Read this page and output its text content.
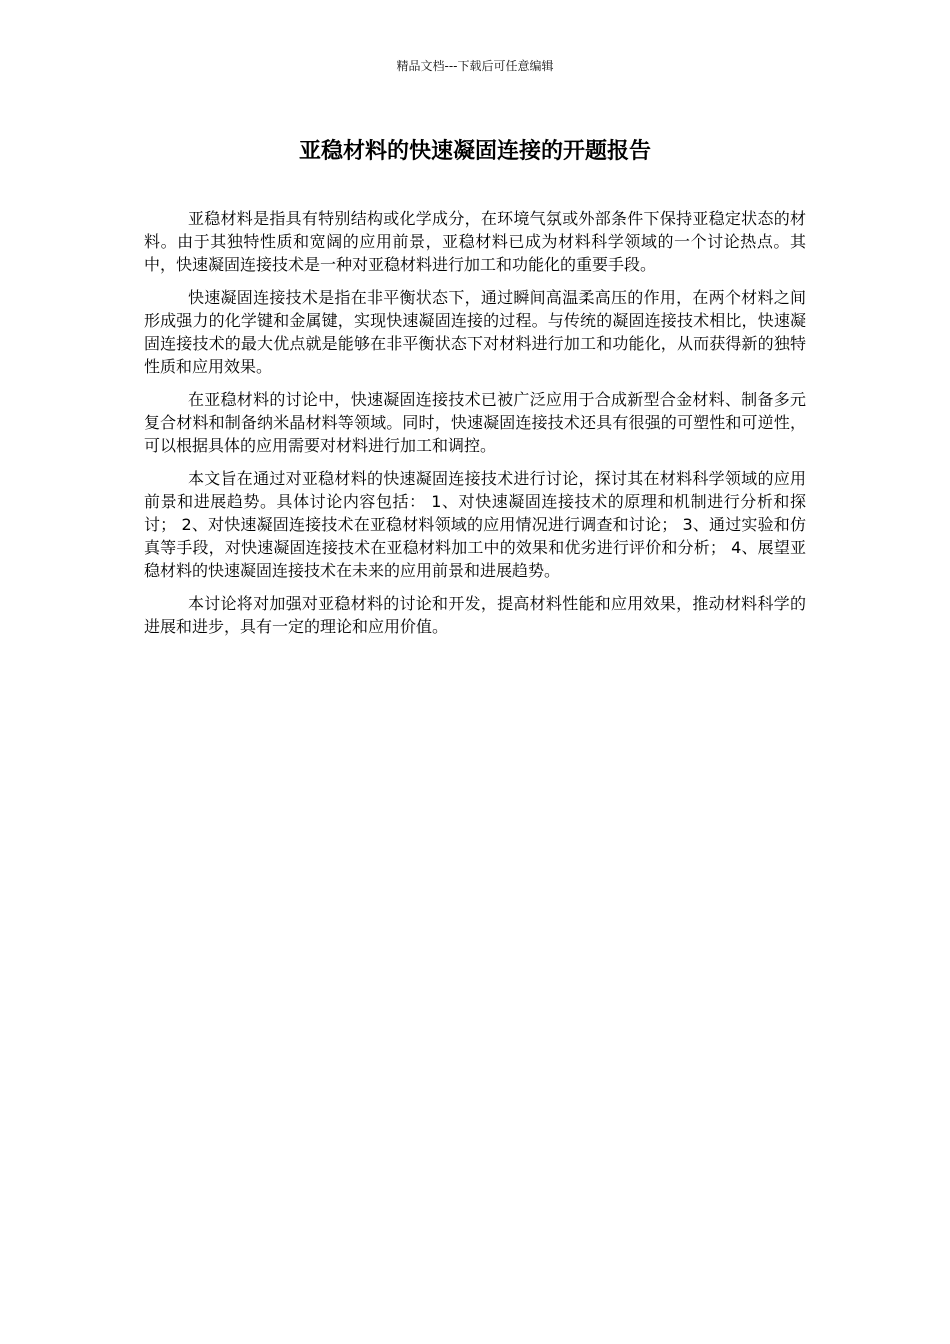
精品文档---下载后可任意编辑
亚稳材料的快速凝固连接的开题报告

亚稳材料是指具有特别结构或化学成分，在环境气氛或外部条件下保持亚稳定状态的材料。由于其独特性质和宽阔的应用前景，亚稳材料已成为材料科学领域的一个讨论热点。其中，快速凝固连接技术是一种对亚稳材料进行加工和功能化的重要手段。

快速凝固连接技术是指在非平衡状态下，通过瞬间高温柔高压的作用，在两个材料之间形成强力的化学键和金属键，实现快速凝固连接的过程。与传统的凝固连接技术相比，快速凝固连接技术的最大优点就是能够在非平衡状态下对材料进行加工和功能化，从而获得新的独特性质和应用效果。

在亚稳材料的讨论中，快速凝固连接技术已被广泛应用于合成新型合金材料、制备多元复合材料和制备纳米晶材料等领域。同时，快速凝固连接技术还具有很强的可塑性和可逆性，可以根据具体的应用需要对材料进行加工和调控。

本文旨在通过对亚稳材料的快速凝固连接技术进行讨论，探讨其在材料科学领域的应用前景和进展趋势。具体讨论内容包括： 1、对快速凝固连接技术的原理和机制进行分析和探讨； 2、对快速凝固连接技术在亚稳材料领域的应用情况进行调查和讨论； 3、通过实验和仿真等手段，对快速凝固连接技术在亚稳材料加工中的效果和优劣进行评价和分析； 4、展望亚稳材料的快速凝固连接技术在未来的应用前景和进展趋势。

本讨论将对加强对亚稳材料的讨论和开发，提高材料性能和应用效果，推动材料科学的进展和进步，具有一定的理论和应用价值。
